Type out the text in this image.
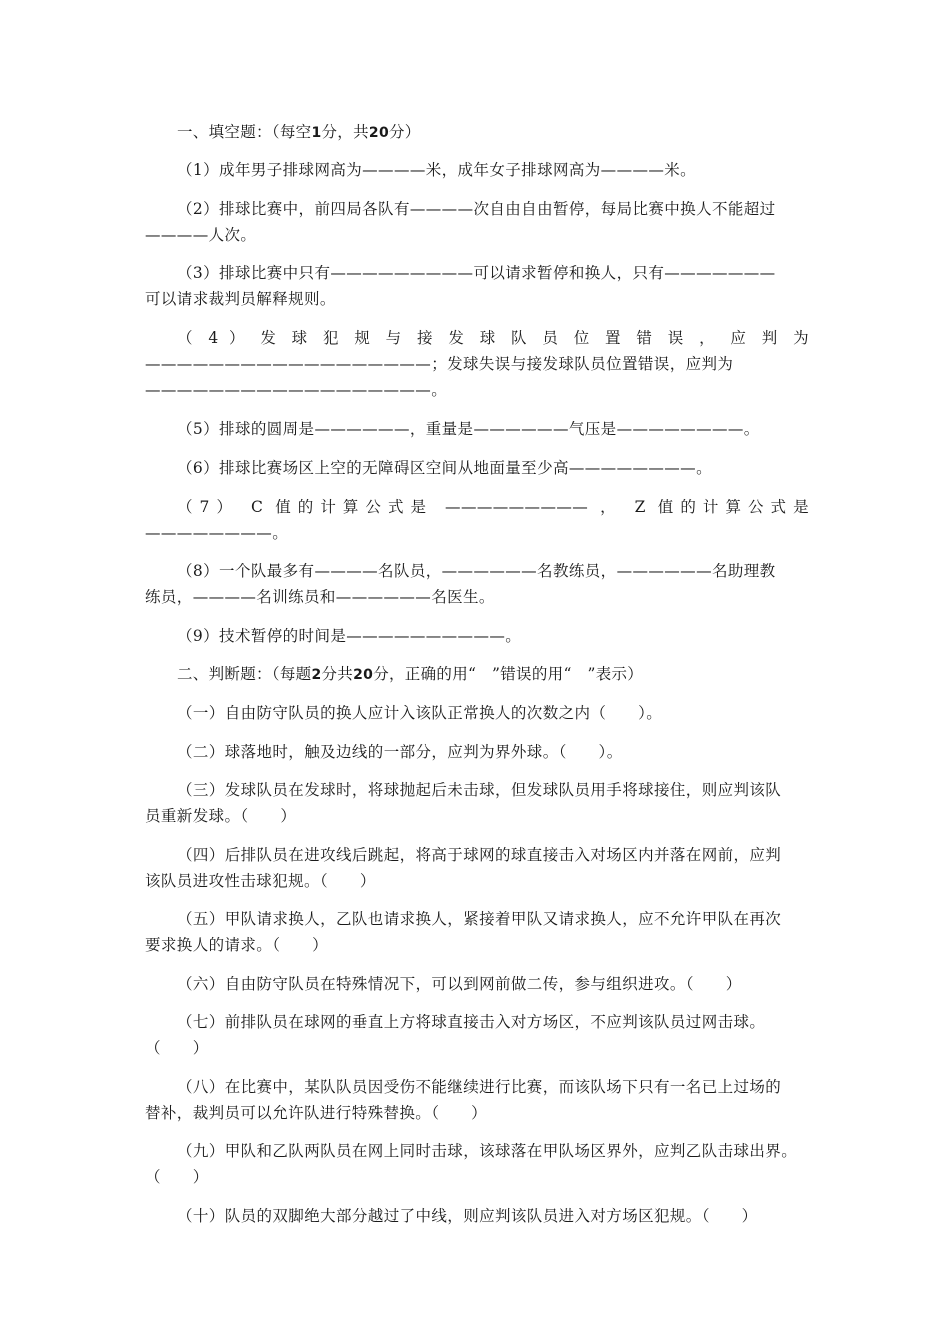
一、填空题：（每空1分，共20分）
（1）成年男子排球网高为————米，成年女子排球网高为————米。
（2）排球比赛中，前四局各队有————次自由自由暂停，每局比赛中换人不能超过
————人次。
（3）排球比赛中只有—————————可以请求暂停和换人，只有———————
可以请求裁判员解释规则。
（ 4 ） 发 球 犯 规 与 接 发 球 队 员 位 置 错 误 ， 应 判 为
——————————————————；发球失误与接发球队员位置错误，应判为
——————————————————。
（5）排球的圆周是——————，重量是——————气压是————————。
（6）排球比赛场区上空的无障碍区空间从地面量至少高————————。
（7） C 值的计算公式是 ————————— ， Z 值的计算公式是
————————。
（8）一个队最多有————名队员，——————名教练员，——————名助理教
练员，————名训练员和——————名医生。
（9）技术暂停的时间是——————————。
二、判断题：（每题2分共20分，正确的用“　”错误的用“　”表示）
（一）自由防守队员的换人应计入该队正常换人的次数之内（　　）。
（二）球落地时，触及边线的一部分，应判为界外球。（　　）。
（三）发球队员在发球时，将球抛起后未击球，但发球队员用手将球接住，则应判该队
员重新发球。（　　）
（四）后排队员在进攻线后跳起，将高于球网的球直接击入对场区内并落在网前，应判
该队员进攻性击球犯规。（　　）
（五）甲队请求换人，乙队也请求换人，紧接着甲队又请求换人，应不允许甲队在再次
要求换人的请求。（　　）
（六）自由防守队员在特殊情况下，可以到网前做二传，参与组织进攻。（　　）
（七）前排队员在球网的垂直上方将球直接击入对方场区，不应判该队员过网击球。
（　　）
（八）在比赛中，某队队员因受伤不能继续进行比赛，而该队场下只有一名已上过场的
替补，裁判员可以允许队进行特殊替换。（　　）
（九）甲队和乙队两队员在网上同时击球，该球落在甲队场区界外，应判乙队击球出界。
（　　）
（十）队员的双脚绝大部分越过了中线，则应判该队员进入对方场区犯规。（　　）
